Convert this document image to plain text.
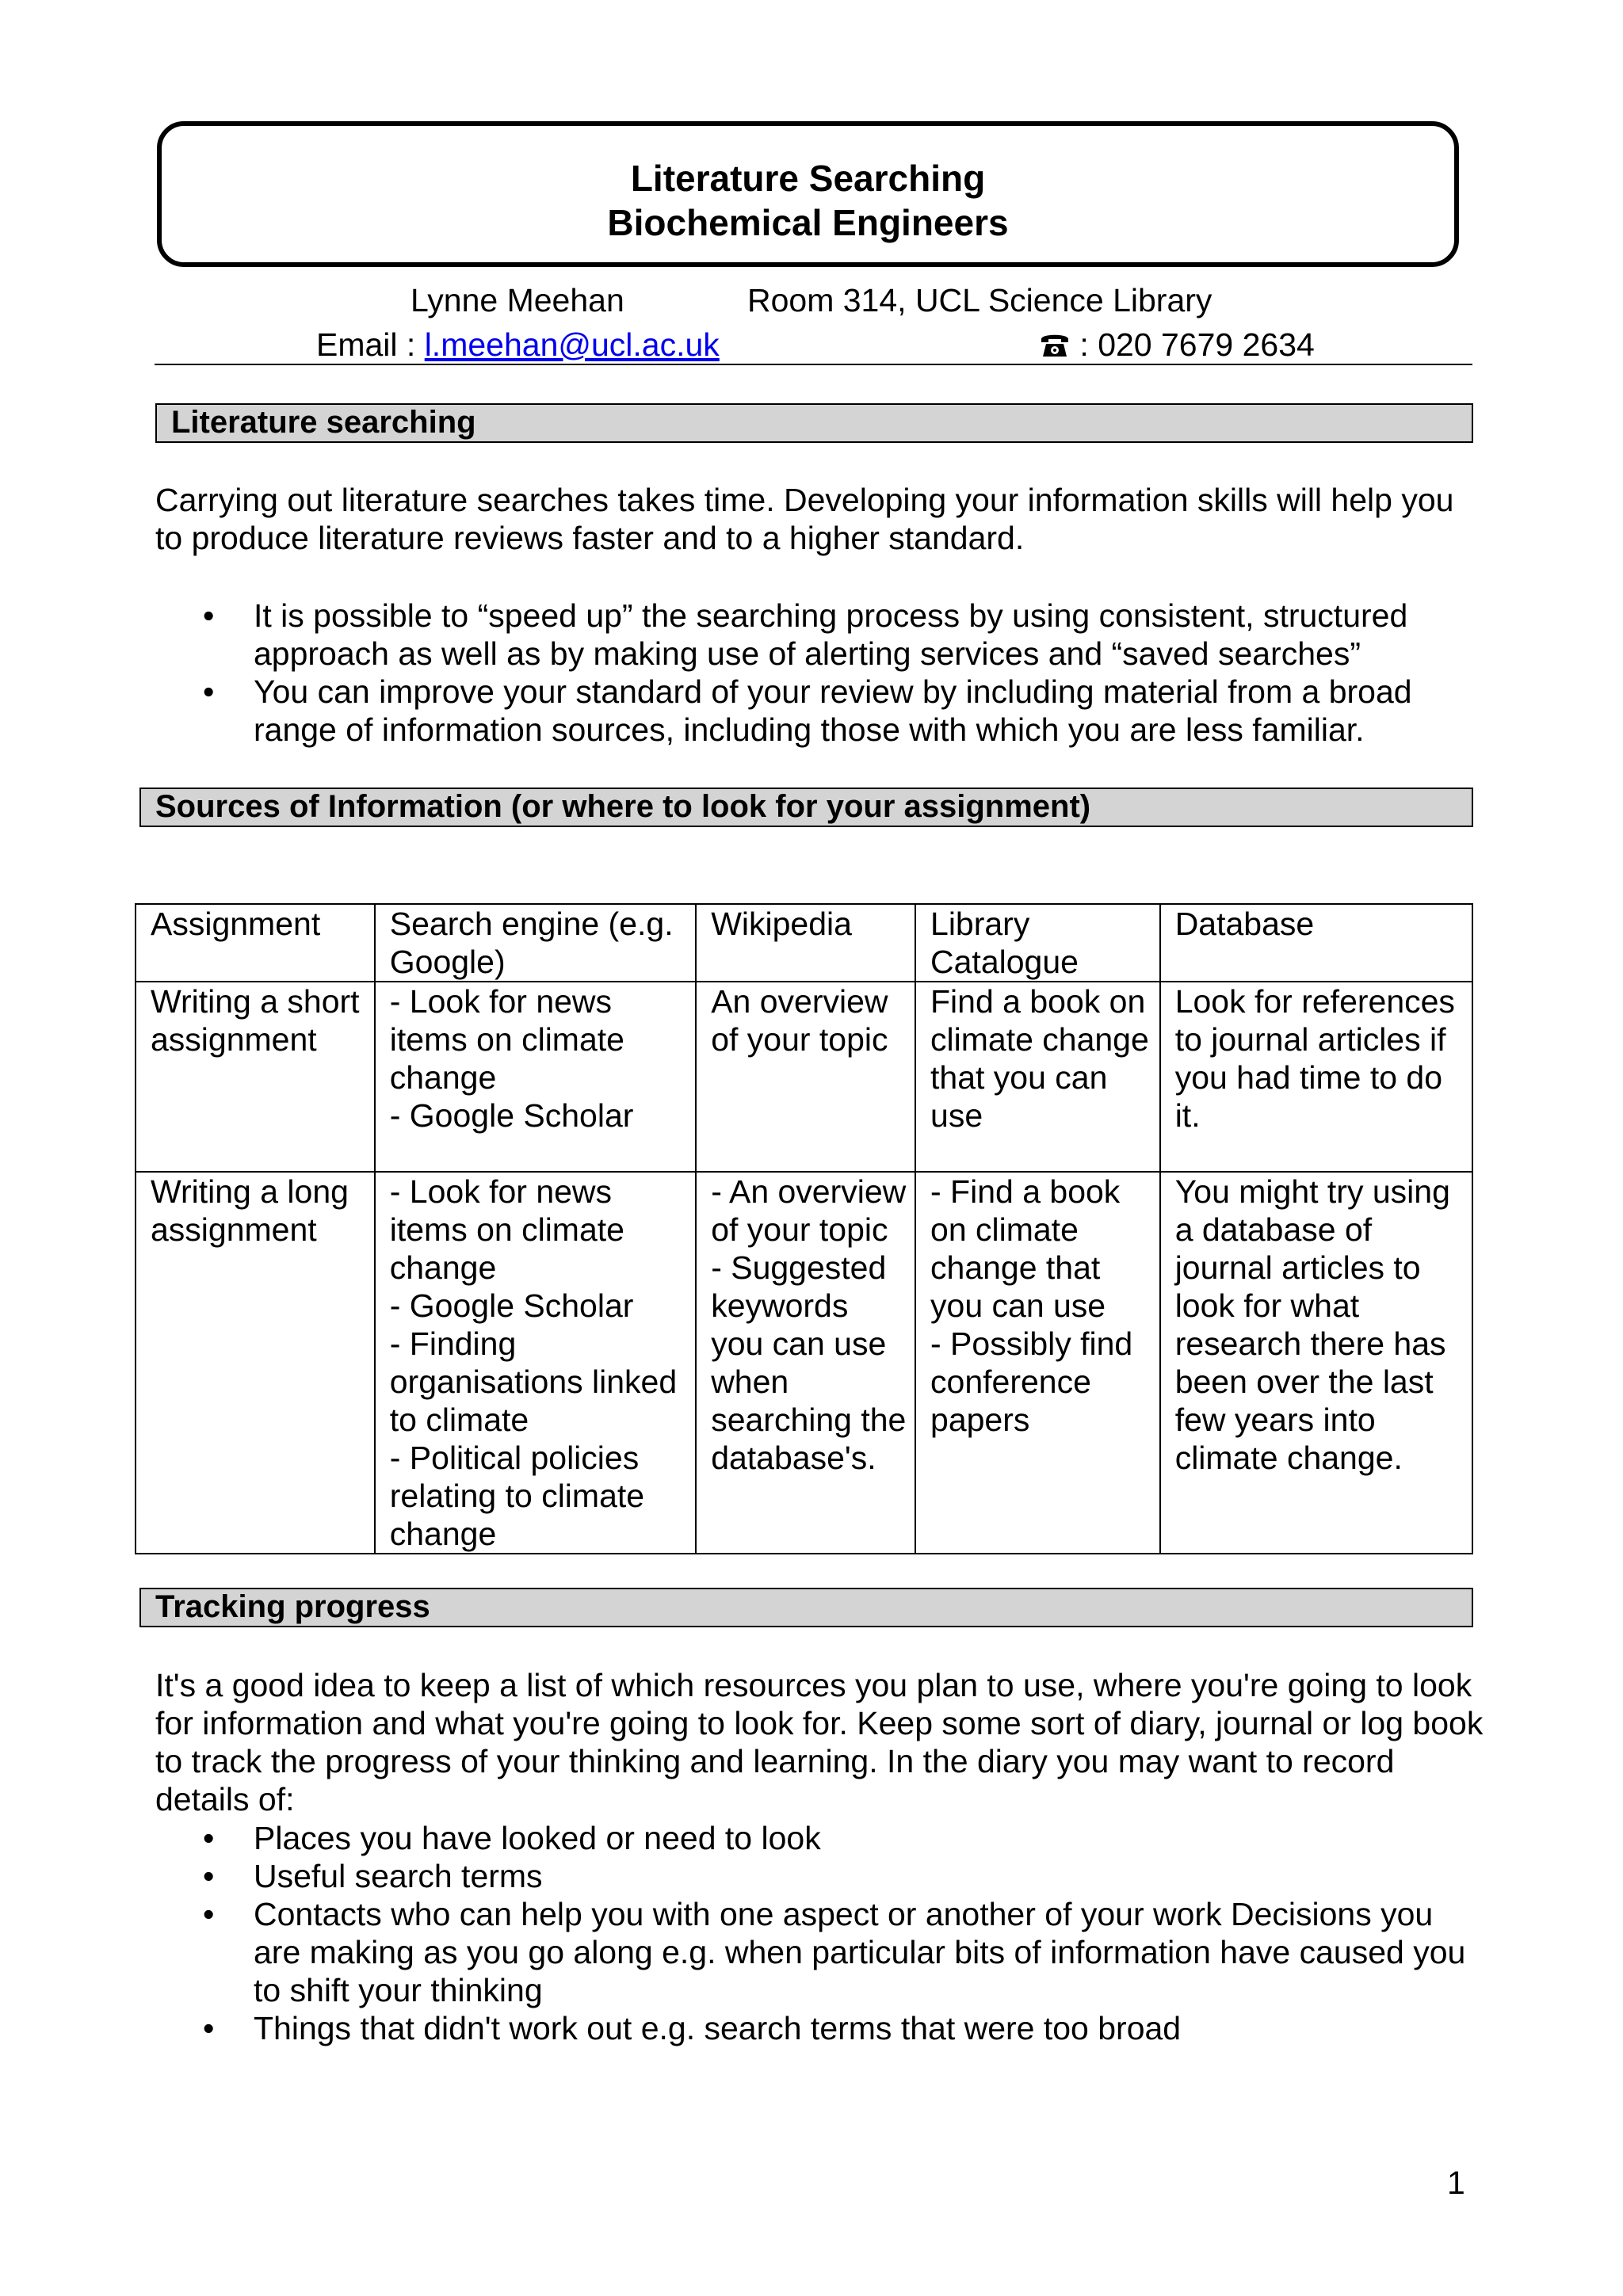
Literature Searching
Biochemical Engineers
Lynne Meehan	Room 314, UCL Science Library
Email : l.meehan@ucl.ac.uk	: 020 7679 2634
Literature searching
Carrying out literature searches takes time. Developing your information skills will help you to produce literature reviews faster and to a higher standard.
• It is possible to “speed up” the searching process by using consistent, structured approach as well as by making use of alerting services and “saved searches”
• You can improve your standard of your review by including material from a broad range of information sources, including those with which you are less familiar.
Sources of Information (or where to look for your assignment)
Assignment	Search engine (e.g. Google)	Wikipedia	Library Catalogue	Database
Writing a short assignment	- Look for news items on climate change
- Google Scholar	An overview of your topic	Find a book on climate change that you can use	Look for references to journal articles if you had time to do it.

Writing a long assignment	- Look for news items on climate change
- Google Scholar
- Finding organisations linked to climate
- Political policies relating to climate change	- An overview of your topic
- Suggested keywords you can use when searching the database's.	- Find a book on climate change that you can use
- Possibly find conference papers	You might try using a database of journal articles to look for what research there has been over the last few years into climate change.
Tracking progress
It's a good idea to keep a list of which resources you plan to use, where you're going to look for information and what you're going to look for. Keep some sort of diary, journal or log book to track the progress of your thinking and learning. In the diary you may want to record details of:
• Places you have looked or need to look
• Useful search terms
• Contacts who can help you with one aspect or another of your work Decisions you are making as you go along e.g. when particular bits of information have caused you to shift your thinking
• Things that didn't work out e.g. search terms that were too broad
1
